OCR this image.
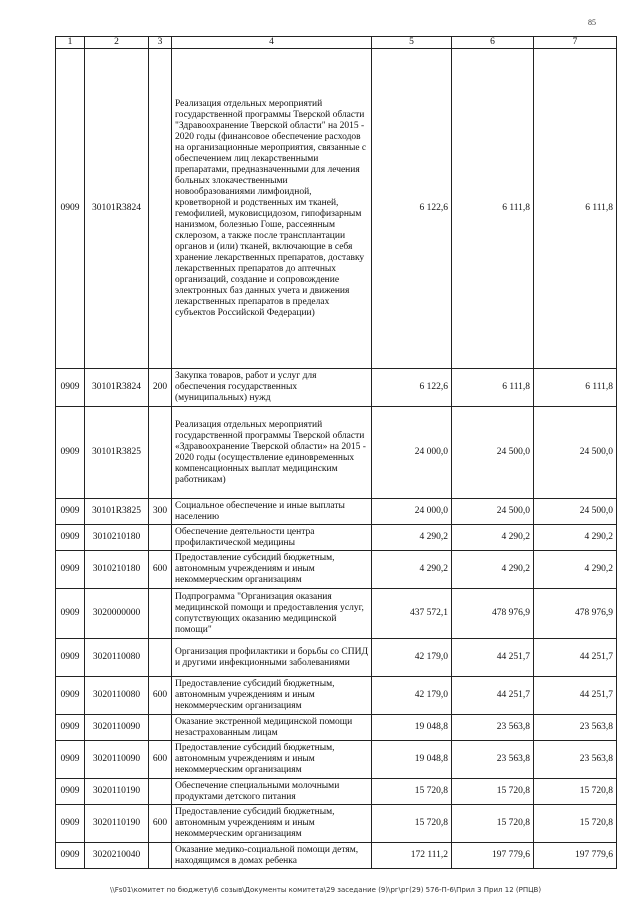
85
1	2	3	4	5	6	7
0909	30101R3824		Реализация отдельных мероприятий государственной программы Тверской области "Здравоохранение Тверской области" на 2015 - 2020 годы (финансовое обеспечение расходов на организационные мероприятия, связанные с обеспечением лиц лекарственными препаратами, предназначенными для лечения больных злокачественными новообразованиями лимфоидной, кроветворной и родственных им тканей, гемофилией, муковисцидозом, гипофизарным нанизмом, болезнью Гоше, рассеянным склерозом, а также после трансплантации органов и (или) тканей, включающие в себя хранение лекарственных препаратов, доставку лекарственных препаратов до аптечных организаций, создание и сопровождение электронных баз данных учета и движения лекарственных препаратов в пределах субъектов Российской Федерации)	6 122,6	6 111,8	6 111,8
0909	30101R3824	200	Закупка товаров, работ и услуг для обеспечения государственных (муниципальных) нужд	6 122,6	6 111,8	6 111,8
0909	30101R3825		Реализация отдельных мероприятий государственной программы Тверской области «Здравоохранение Тверской области» на 2015 - 2020 годы (осуществление единовременных компенсационных выплат медицинским работникам)	24 000,0	24 500,0	24 500,0
0909	30101R3825	300	Социальное обеспечение и иные выплаты населению	24 000,0	24 500,0	24 500,0
0909	3010210180		Обеспечение деятельности центра профилактической медицины	4 290,2	4 290,2	4 290,2
0909	3010210180	600	Предоставление субсидий бюджетным, автономным учреждениям и иным некоммерческим организациям	4 290,2	4 290,2	4 290,2
0909	3020000000		Подпрограмма "Организация оказания медицинской помощи и предоставления услуг, сопутствующих оказанию медицинской помощи"	437 572,1	478 976,9	478 976,9
0909	3020110080		Организация профилактики и борьбы со СПИД и другими инфекционными заболеваниями	42 179,0	44 251,7	44 251,7
0909	3020110080	600	Предоставление субсидий бюджетным, автономным учреждениям и иным некоммерческим организациям	42 179,0	44 251,7	44 251,7
0909	3020110090		Оказание экстренной медицинской помощи незастрахованным лицам	19 048,8	23 563,8	23 563,8
0909	3020110090	600	Предоставление субсидий бюджетным, автономным учреждениям и иным некоммерческим организациям	19 048,8	23 563,8	23 563,8
0909	3020110190		Обеспечение специальными молочными продуктами детского питания	15 720,8	15 720,8	15 720,8
0909	3020110190	600	Предоставление субсидий бюджетным, автономным учреждениям и иным некоммерческим организациям	15 720,8	15 720,8	15 720,8
0909	3020210040		Оказание медико-социальной помощи детям, находящимся в домах ребенка	172 111,2	197 779,6	197 779,6
\\Fs01\комитет по бюджету\6 созыв\Документы комитета\29 заседание (9)\рг\рг(29) 576-П-6\Прил 3 Прил 12 (РПЦВ)
